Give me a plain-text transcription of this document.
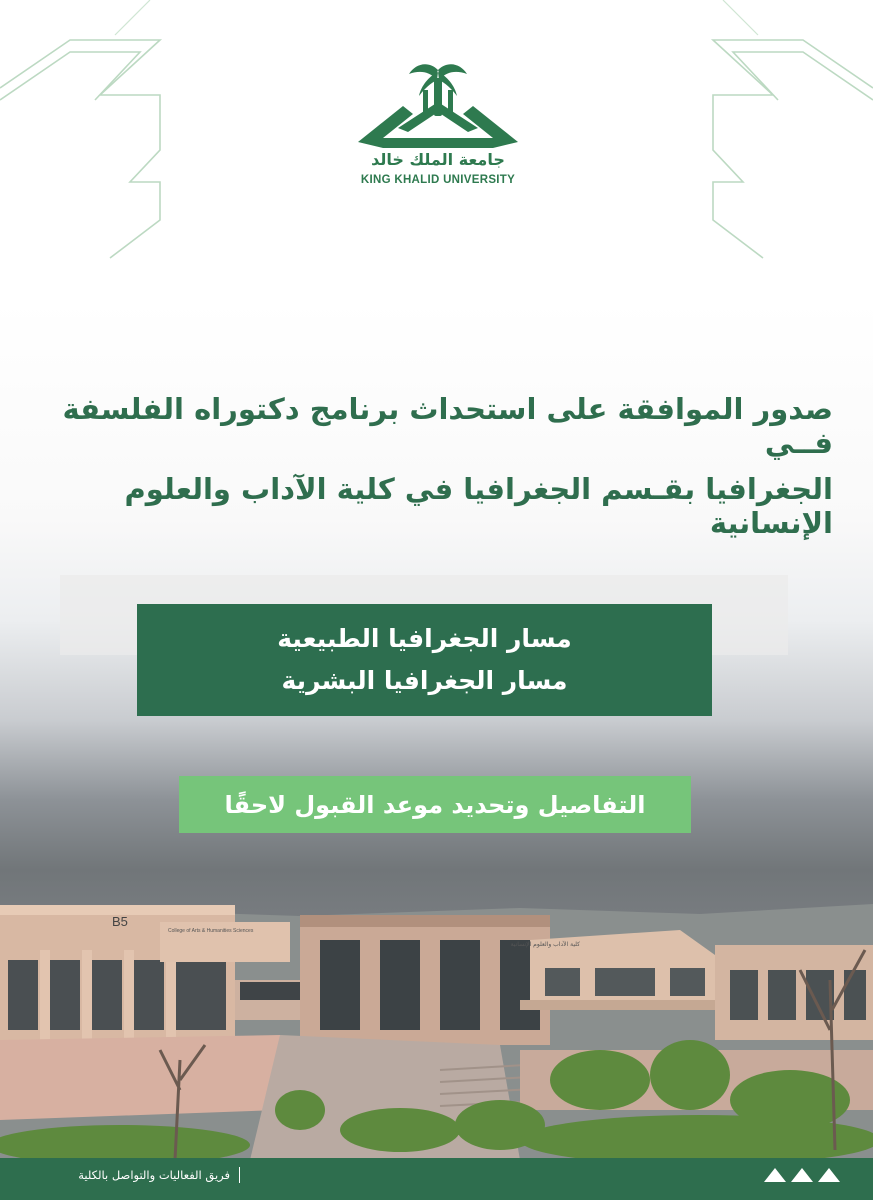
جامعة الملك خالد
KING KHALID UNIVERSITY
صدور الموافقة على استحداث برنامج دكتوراه الفلسفة فــي
الجغرافيا بقـسم الجغرافيا في كلية الآداب والعلوم الإنسانية
مسار الجغرافيا الطبيعية
مسار الجغرافيا البشرية
التفاصيل وتحديد موعد القبول لاحقًا
B5
College of Arts & Humanities Sciences
كلية الآداب والعلوم الإنسانية
فريق الفعاليات والتواصل بالكلية
